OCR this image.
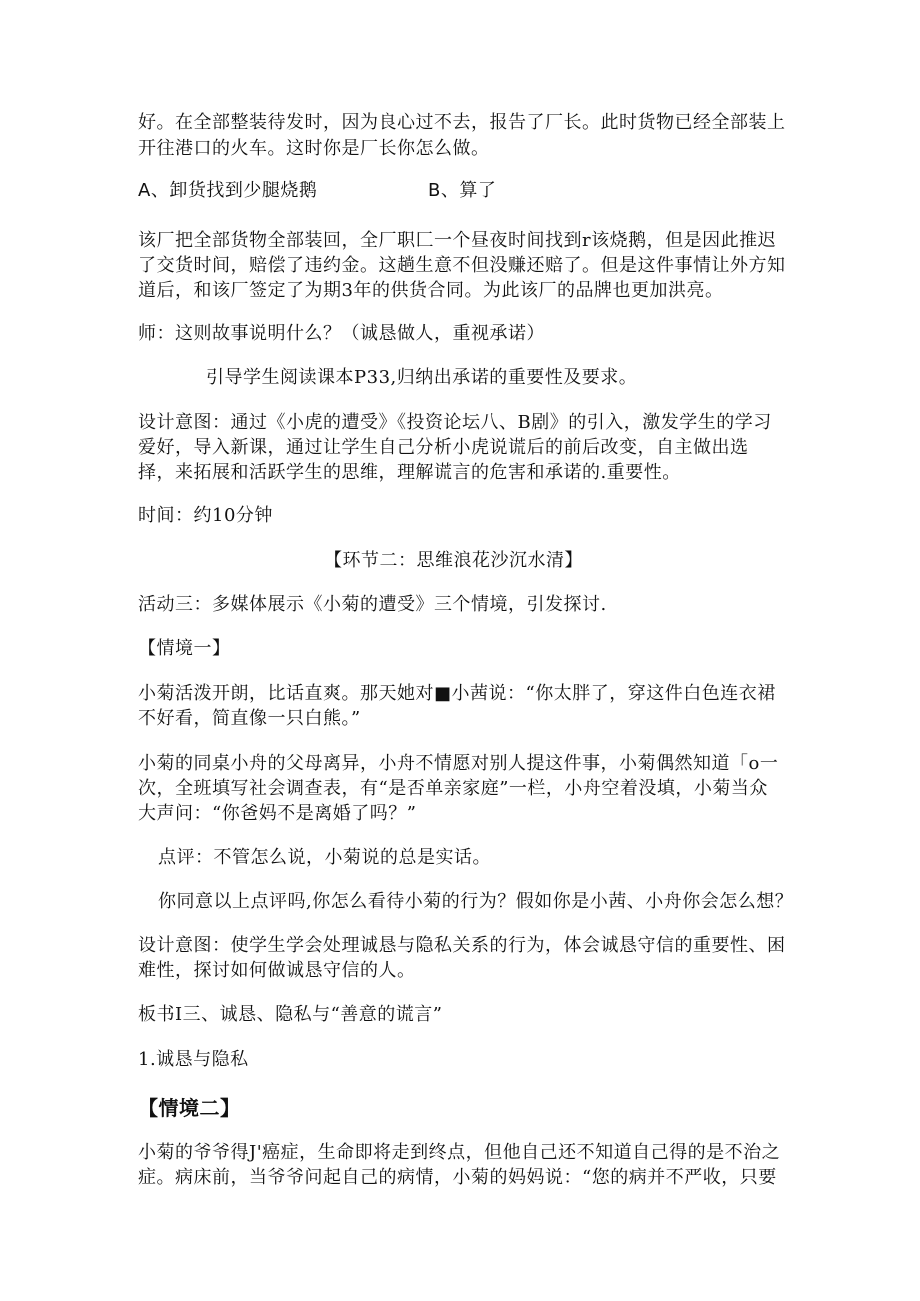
好。在全部整装待发时，因为良心过不去，报告了厂长。此时货物已经全部装上
开往港口的火车。这时你是厂长你怎么做。
A、卸货找到少腿烧鹅	B、算了
该厂把全部货物全部装回，全厂职匚一个昼夜时间找到r该烧鹅，但是因此推迟
了交货时间，赔偿了违约金。这趟生意不但没赚还赔了。但是这件事情让外方知
道后，和该厂签定了为期3年的供货合同。为此该厂的品牌也更加洪亮。
师：这则故事说明什么？（诚恳做人，重视承诺）
引导学生阅读课本P33,归纳出承诺的重要性及要求。
设计意图：通过《小虎的遭受》《投资论坛八、B剧》的引入，激发学生的学习
爱好，导入新课，通过让学生自己分析小虎说谎后的前后改变，自主做出选
择，来拓展和活跃学生的思维，理解谎言的危害和承诺的.重要性。
时间：约10分钟
【环节二：思维浪花沙沉水清】
活动三：多媒体展示《小菊的遭受》三个情境，引发探讨.
【情境一】
小菊活泼开朗，比话直爽。那天她对■小茜说：“你太胖了，穿这件白色连衣裙
不好看，简直像一只白熊。”
小菊的同桌小舟的父母离异，小舟不情愿对别人提这件事，小菊偶然知道「o一
次，全班填写社会调查表，有“是否单亲家庭”一栏，小舟空着没填，小菊当众
大声问：“你爸妈不是离婚了吗？”
点评：不管怎么说，小菊说的总是实话。
你同意以上点评吗,你怎么看待小菊的行为？假如你是小茜、小舟你会怎么想？
设计意图：使学生学会处理诚恳与隐私关系的行为，体会诚恳守信的重要性、困
难性，探讨如何做诚恳守信的人。
板书Ⅰ三、诚恳、隐私与“善意的谎言”
1.诚恳与隐私
【情境二】
小菊的爷爷得J'癌症，生命即将走到终点，但他自己还不知道自己得的是不治之
症。病床前，当爷爷问起自己的病情，小菊的妈妈说：“您的病并不严收，只要
